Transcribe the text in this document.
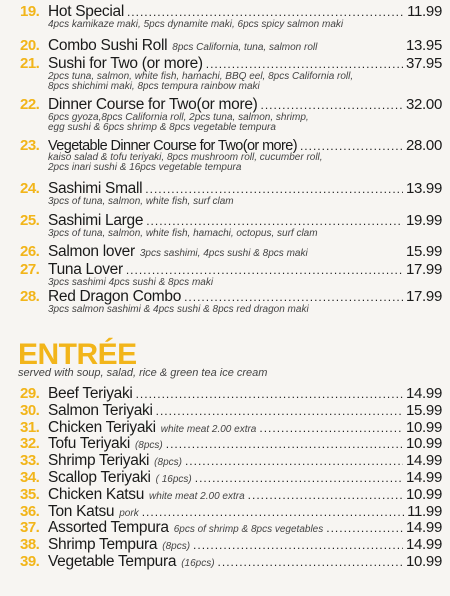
ENTRÉE
served with soup, salad, rice & green tea ice cream
19. Hot Special .....	11.99
4pcs kamikaze maki, 5pcs dynamite maki, 6pcs spicy salmon maki
20. Combo Sushi Roll 8pcs California, tuna, salmon roll	13.95
21. Sushi for Two (or more) .....	37.95
2pcs tuna, salmon, white fish, hamachi, BBQ eel, 8pcs California roll,
8pcs shichimi maki, 8pcs tempura rainbow maki
22. Dinner Course for Two(or more) .....	32.00
6pcs gyoza,8pcs California roll, 2pcs tuna, salmon, shrimp,
egg sushi & 6pcs shrimp & 8pcs vegetable tempura
23. Vegetable Dinner Course for Two(or more) .....	28.00
kaiso salad & tofu teriyaki, 8pcs mushroom roll, cucumber roll,
2pcs inari sushi & 16pcs vegetable tempura
24. Sashimi Small .....	13.99
3pcs of tuna, salmon, white fish, surf clam
25. Sashimi Large .....	19.99
3pcs of tuna, salmon, white fish, hamachi, octopus, surf clam
26. Salmon lover 3pcs sashimi, 4pcs sushi & 8pcs maki	15.99
27. Tuna Lover .....	17.99
3pcs sashimi 4pcs sushi & 8pcs maki
28. Red Dragon Combo .....	17.99
3pcs salmon sashimi & 4pcs sushi & 8pcs red dragon maki
29. Beef Teriyaki .....	14.99
30. Salmon Teriyaki .....	15.99
31. Chicken Teriyaki white meat 2.00 extra .....	10.99
32. Tofu Teriyaki (8pcs) .....	10.99
33. Shrimp Teriyaki (8pcs) .....	14.99
34. Scallop Teriyaki ( 16pcs) .....	14.99
35. Chicken Katsu white meat 2.00 extra .....	10.99
36. Ton Katsu pork .....	11.99
37. Assorted Tempura 6pcs of shrimp & 8pcs vegetables .....	14.99
38. Shrimp Tempura (8pcs) .....	14.99
39. Vegetable Tempura (16pcs) .....	10.99
